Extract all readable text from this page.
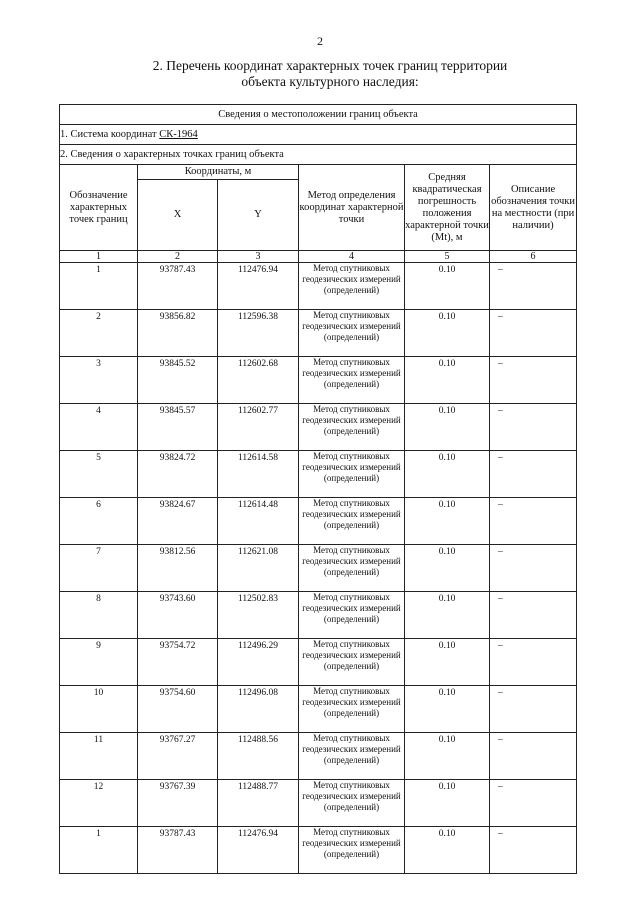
2
2. Перечень координат характерных точек границ территории
объекта культурного наследия:
Сведения о местоположении границ объекта					
1. Система координат СК-1964					
2. Сведения о характерных точках границ объекта					
Обозначение характерных точек границ	Координаты, м		Метод определения координат характерной точки	Средняя квадратическая погрешность положения характерной точки (Mt), м	Описание обозначения точки на местности (при наличии)
	X	Y			
1	2	3	4	5	6
1	93787.43	112476.94	Метод спутниковых геодезических измерений (определений)	0.10	–
2	93856.82	112596.38	Метод спутниковых геодезических измерений (определений)	0.10	–
3	93845.52	112602.68	Метод спутниковых геодезических измерений (определений)	0.10	–
4	93845.57	112602.77	Метод спутниковых геодезических измерений (определений)	0.10	–
5	93824.72	112614.58	Метод спутниковых геодезических измерений (определений)	0.10	–
6	93824.67	112614.48	Метод спутниковых геодезических измерений (определений)	0.10	–
7	93812.56	112621.08	Метод спутниковых геодезических измерений (определений)	0.10	–
8	93743.60	112502.83	Метод спутниковых геодезических измерений (определений)	0.10	–
9	93754.72	112496.29	Метод спутниковых геодезических измерений (определений)	0.10	–
10	93754.60	112496.08	Метод спутниковых геодезических измерений (определений)	0.10	–
11	93767.27	112488.56	Метод спутниковых геодезических измерений (определений)	0.10	–
12	93767.39	112488.77	Метод спутниковых геодезических измерений (определений)	0.10	–
1	93787.43	112476.94	Метод спутниковых геодезических измерений (определений)	0.10	–
